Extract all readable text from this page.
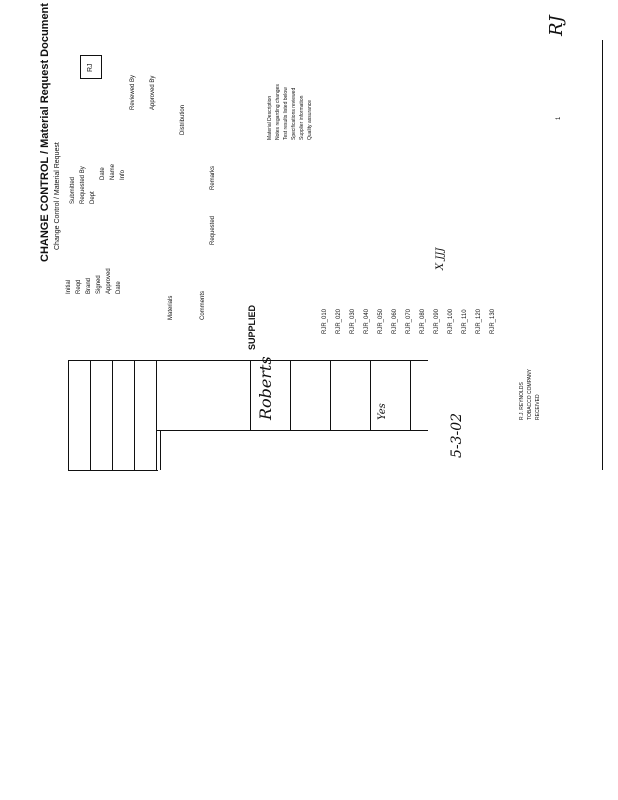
RJ
CHANGE CONTROL / Material Request Document Change Control / Material Request
RJ
Submitted Requested By Dept
Date Name Info
Initial Reqd Brand Signed Approved Date
Reviewed By Approved By
Distribution
Comments
Materials	SUPPLIED
Remarks
Requested
Material Description Notes regarding changes Test results listed below Specifications reviewed Supplier information Quality assurance
RJR_010 RJR_020 RJR_030 RJR_040 RJR_050 RJR_060 RJR_070 RJR_080 RJR_090 RJR_100 RJR_110 RJR_120 RJR_130
Roberts
5-3-02
Yes
X JJJ
R.J. REYNOLDS TOBACCO COMPANY RECEIVED
1
